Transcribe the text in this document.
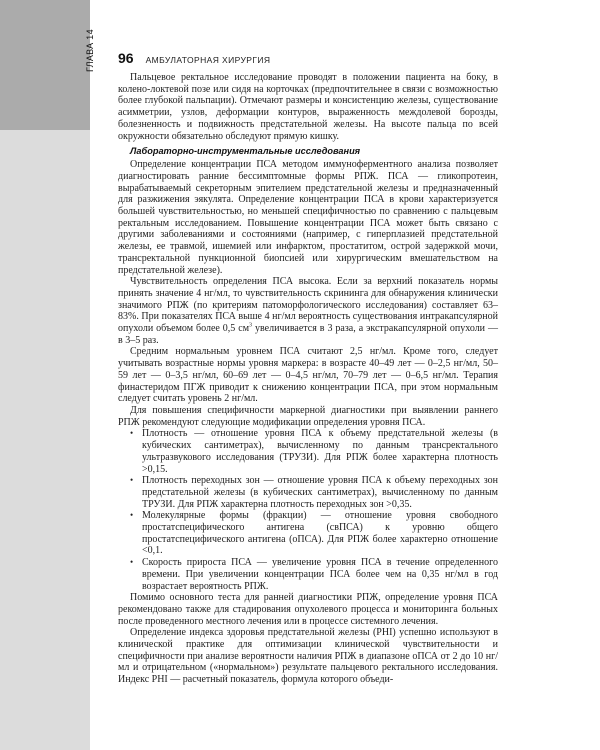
ГЛАВА 14 96 АМБУЛАТОРНАЯ ХИРУРГИЯ

Пальцевое ректальное исследование проводят в положении пациента на боку, в колено-локтевой позе или сидя на корточках (предпочтительнее в связи с возможностью более глубокой пальпации). Отмечают размеры и консистенцию железы, существование асимметрии, узлов, деформации контуров, выраженность междолевой борозды, болезненность и подвижность предстательной железы. На высоте пальца по всей окружности обязательно обследуют прямую кишку.

Лабораторно-инструментальные исследования

Определение концентрации ПСА методом иммуноферментного анализа позволяет диагностировать ранние бессимптомные формы РПЖ. ПСА — гликопротеин, вырабатываемый секреторным эпителием предстательной железы и предназначенный для разжижения эякулята. Определение концентрации ПСА в крови характеризуется большей чувствительностью, но меньшей специфичностью по сравнению с пальцевым ректальным исследованием. Повышение концентрации ПСА может быть связано с другими заболеваниями и состояниями (например, с гиперплазией предстательной железы, ее травмой, ишемией или инфарктом, простатитом, острой задержкой мочи, трансректальной пункционной биопсией или хирургическим вмешательством на предстательной железе).

Чувствительность определения ПСА высока. Если за верхний показатель нормы принять значение 4 нг/мл, то чувствительность скрининга для обнаружения клинически значимого РПЖ (по критериям патоморфологического исследования) составляет 63–83%. При показателях ПСА выше 4 нг/мл вероятность существования интракапсулярной опухоли объемом более 0,5 $см^3$ увеличивается в 3 раза, а экстракапсулярной опухоли — в 3–5 раз.

Средним нормальным уровнем ПСА считают 2,5 нг/мл. Кроме того, следует учитывать возрастные нормы уровня маркера: в возрасте 40–49 лет — 0–2,5 нг/мл, 50–59 лет — 0–3,5 нг/мл, 60–69 лет — 0–4,5 нг/мл, 70–79 лет — 0–6,5 нг/мл. Терапия финастеридом ПГЖ приводит к снижению концентрации ПСА, при этом нормальным следует считать уровень 2 нг/мл.

Для повышения специфичности маркерной диагностики при выявлении раннего РПЖ рекомендуют следующие модификации определения уровня ПСА.

• Плотность — отношение уровня ПСА к объему предстательной железы (в кубических сантиметрах), вычисленному по данным трансректального ультразвукового исследования (ТРУЗИ). Для РПЖ более характерна плотность >0,15.
• Плотность переходных зон — отношение уровня ПСА к объему переходных зон предстательной железы (в кубических сантиметрах), вычисленному по данным ТРУЗИ. Для РПЖ характерна плотность переходных зон >0,35.
• Молекулярные формы (фракции) — отношение уровня свободного простатспецифического антигена (свПСА) к уровню общего простатспецифического антигена (оПСА). Для РПЖ более характерно отношение <0,1.
• Скорость прироста ПСА — увеличение уровня ПСА в течение определенного времени. При увеличении концентрации ПСА более чем на 0,35 нг/мл в год возрастает вероятность РПЖ.

Помимо основного теста для ранней диагностики РПЖ, определение уровня ПСА рекомендовано также для стадирования опухолевого процесса и мониторинга больных после проведенного местного лечения или в процессе системного лечения.

Определение индекса здоровья предстательной железы (PHI) успешно используют в клинической практике для оптимизации клинической чувствительности и специфичности при анализе вероятности наличия РПЖ в диапазоне оПСА от 2 до 10 нг/мл и отрицательном («нормальном») результате пальцевого ректального исследования. Индекс PHI — расчетный показатель, формула которого объеди-
